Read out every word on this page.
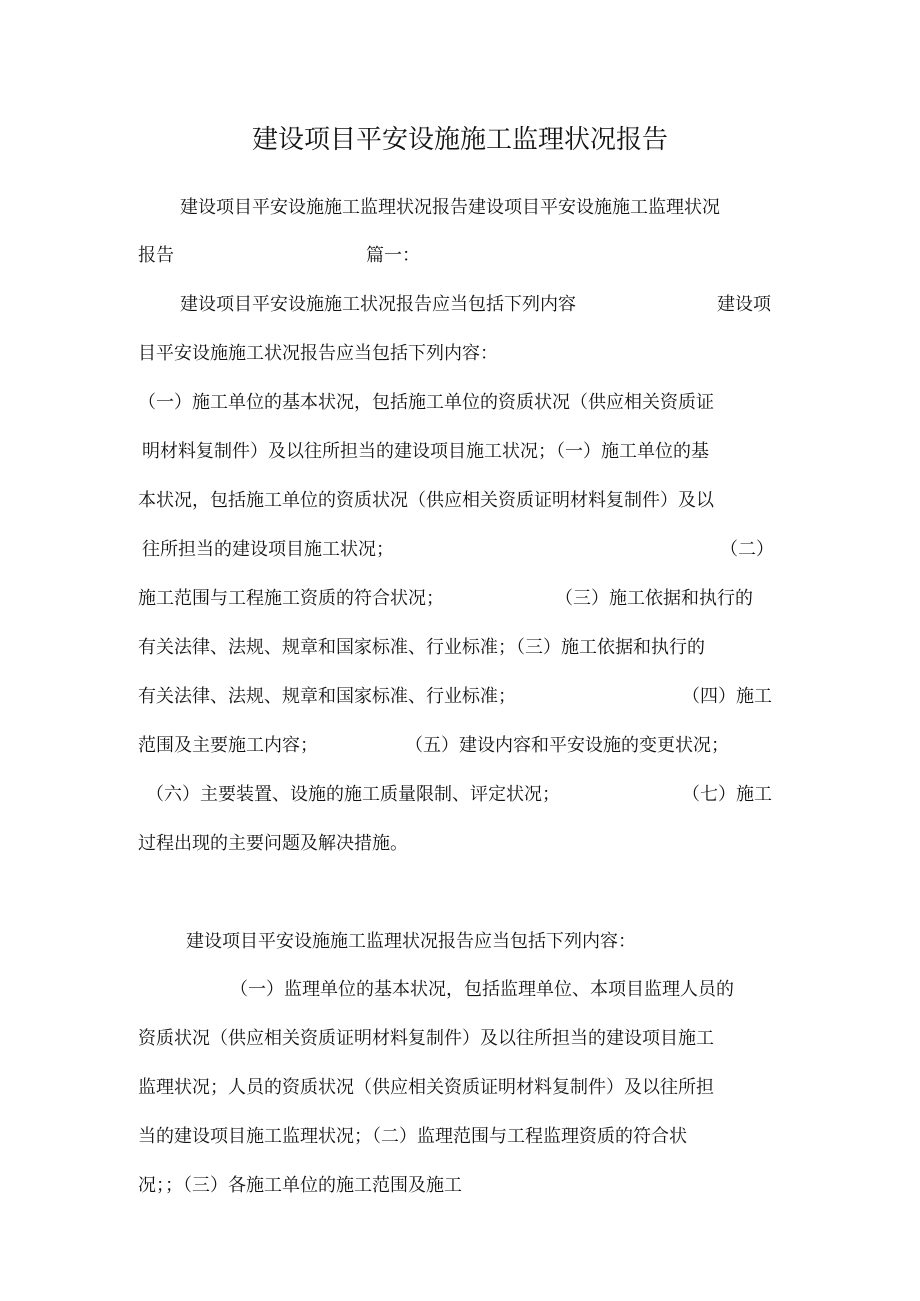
建设项目平安设施施工监理状况报告
建设项目平安设施施工监理状况报告建设项目平安设施施工监理状况
报告	篇一：
建设项目平安设施施工状况报告应当包括下列内容	建设项
目平安设施施工状况报告应当包括下列内容：
（一）施工单位的基本状况，包括施工单位的资质状况（供应相关资质证
明材料复制件）及以往所担当的建设项目施工状况；（一）施工单位的基
本状况，包括施工单位的资质状况（供应相关资质证明材料复制件）及以
往所担当的建设项目施工状况；	（二）
施工范围与工程施工资质的符合状况；	（三）施工依据和执行的
有关法律、法规、规章和国家标准、行业标准；（三）施工依据和执行的
有关法律、法规、规章和国家标准、行业标准；	（四）施工
范围及主要施工内容；	（五）建设内容和平安设施的变更状况；
（六）主要装置、设施的施工质量限制、评定状况；	（七）施工
过程出现的主要问题及解决措施。
建设项目平安设施施工监理状况报告应当包括下列内容：
（一）监理单位的基本状况，包括监理单位、本项目监理人员的
资质状况（供应相关资质证明材料复制件）及以往所担当的建设项目施工
监理状况；人员的资质状况（供应相关资质证明材料复制件）及以往所担
当的建设项目施工监理状况；（二）监理范围与工程监理资质的符合状
况；；（三）各施工单位的施工范围及施工
